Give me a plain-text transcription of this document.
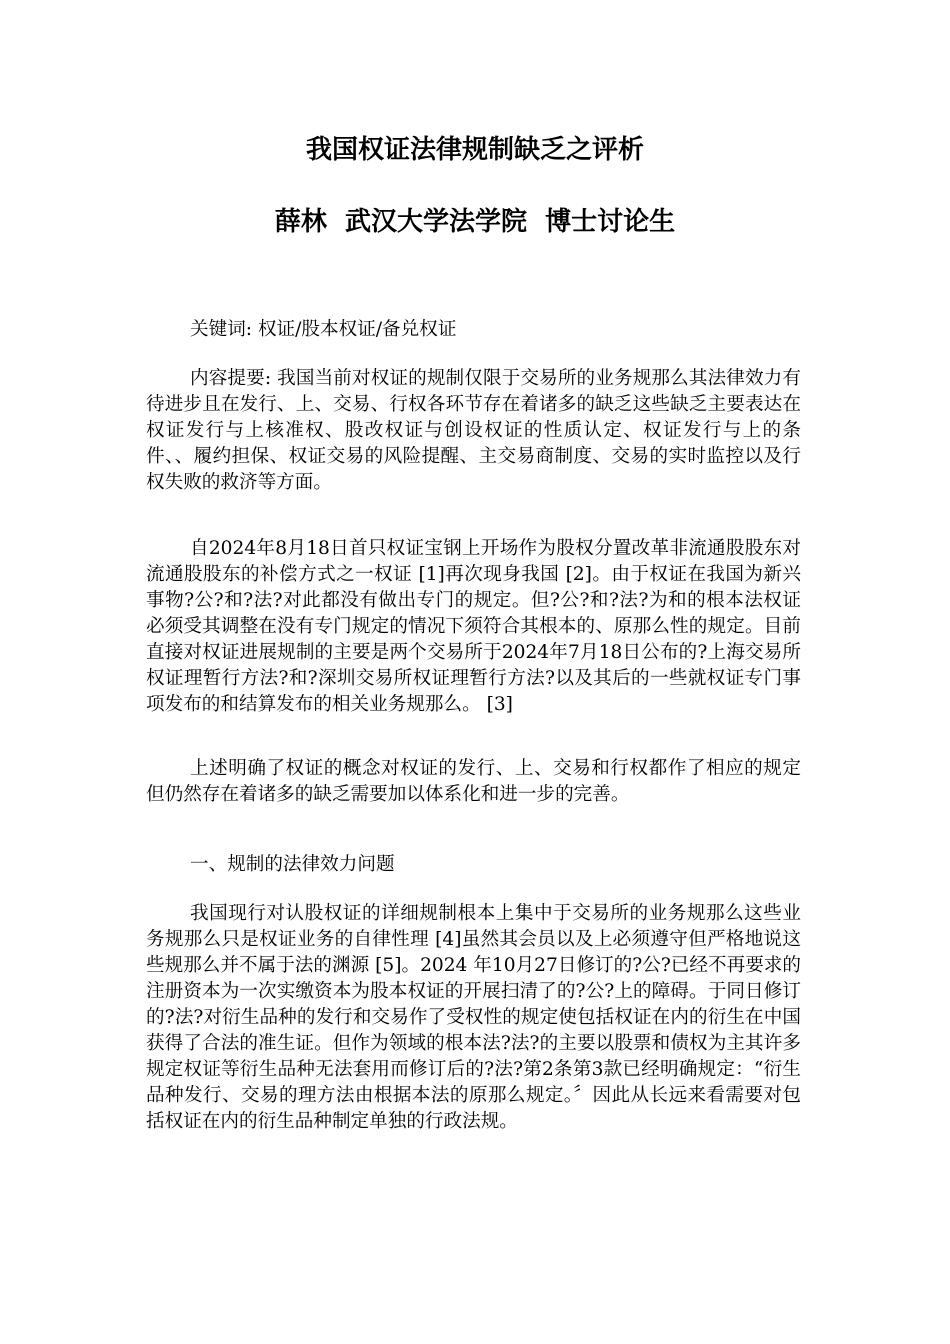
我国权证法律规制缺乏之评析
薛林  武汉大学法学院  博士讨论生

关键词: 权证/股本权证/备兑权证

内容提要: 我国当前对权证的规制仅限于交易所的业务规那么其法律效力有待进步且在发行、上、交易、行权各环节存在着诸多的缺乏这些缺乏主要表达在权证发行与上核准权、股改权证与创设权证的性质认定、权证发行与上的条件、、履约担保、权证交易的风险提醒、主交易商制度、交易的实时监控以及行权失败的救济等方面。

自2024年8月18日首只权证宝钢上开场作为股权分置改革非流通股股东对流通股股东的补偿方式之一权证 [1]再次现身我国 [2]。由于权证在我国为新兴事物?公?和?法?对此都没有做出专门的规定。但?公?和?法?为和的根本法权证必须受其调整在没有专门规定的情况下须符合其根本的、原那么性的规定。目前直接对权证进展规制的主要是两个交易所于2024年7月18日公布的?上海交易所权证理暂行方法?和?深圳交易所权证理暂行方法?以及其后的一些就权证专门事项发布的和结算发布的相关业务规那么。 [3]

上述明确了权证的概念对权证的发行、上、交易和行权都作了相应的规定但仍然存在着诸多的缺乏需要加以体系化和进一步的完善。

一、规制的法律效力问题

我国现行对认股权证的详细规制根本上集中于交易所的业务规那么这些业务规那么只是权证业务的自律性理 [4]虽然其会员以及上必须遵守但严格地说这些规那么并不属于法的渊源 [5]。2024 年10月27日修订的?公?已经不再要求的注册资本为一次实缴资本为股本权证的开展扫清了的?公?上的障碍。于同日修订的?法?对衍生品种的发行和交易作了受权性的规定使包括权证在内的衍生在中国获得了合法的准生证。但作为领域的根本法?法?的主要以股票和债权为主其许多规定权证等衍生品种无法套用而修订后的?法?第2条第3款已经明确规定：“衍生品种发行、交易的理方法由根据本法的原那么规定。〞因此从长远来看需要对包括权证在内的衍生品种制定单独的行政法规。
